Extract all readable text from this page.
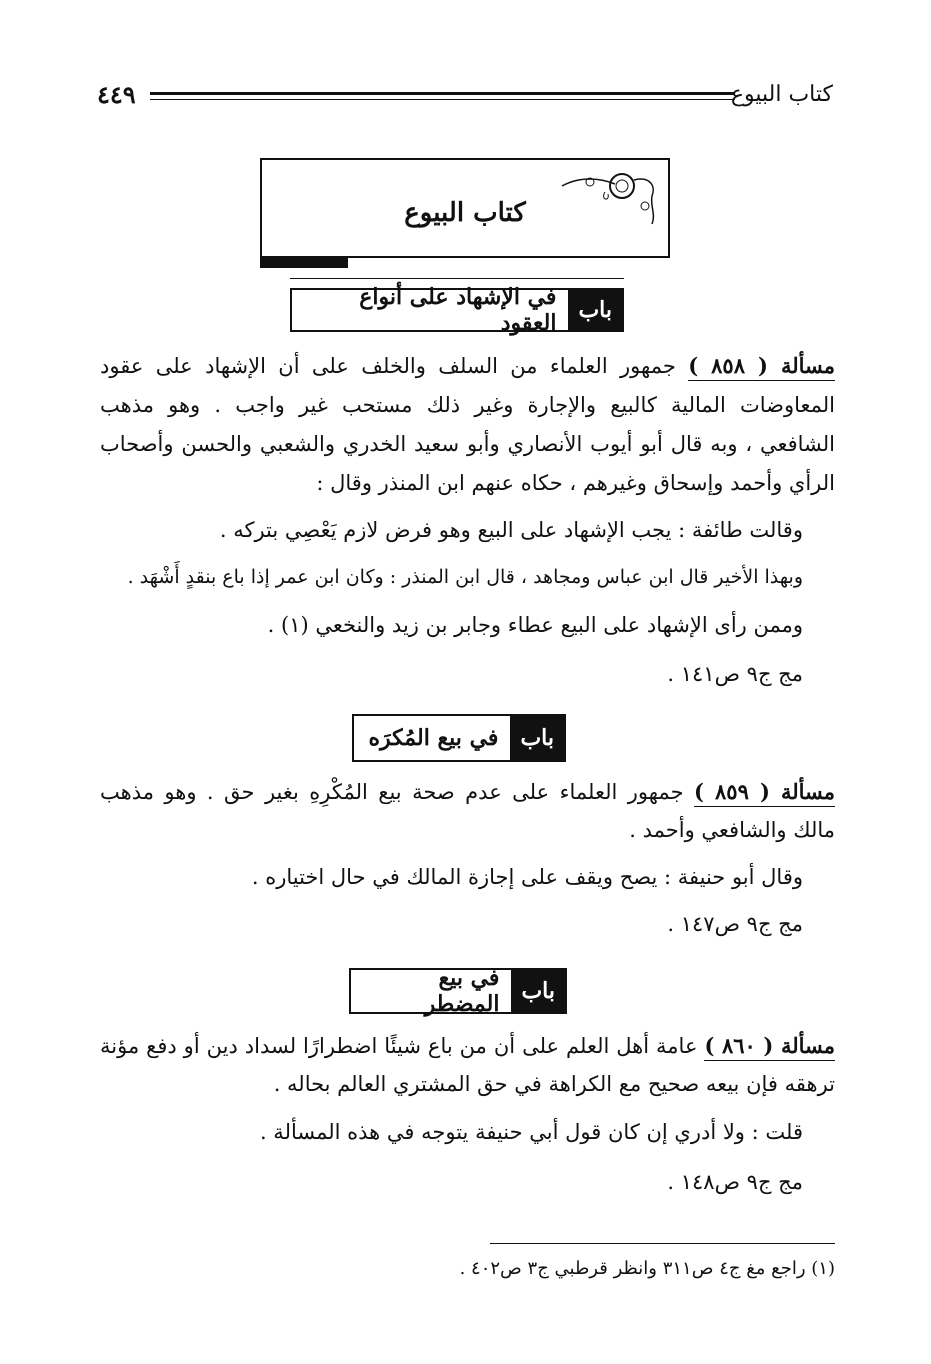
كتاب البيوع
٤٤٩
كتاب البيوع
باب
في الإشهاد على أنواع العقود
مسألة ( ٨٥٨ ) جمهور العلماء من السلف والخلف على أن الإشهاد على عقود
المعاوضات المالية كالبيع والإجارة وغير ذلك مستحب غير واجب . وهو مذهب
الشافعي ، وبه قال أبو أيوب الأنصاري وأبو سعيد الخدري والشعبي والحسن وأصحاب
الرأي وأحمد وإسحاق وغيرهم ، حكاه عنهم ابن المنذر وقال :
وقالت طائفة : يجب الإشهاد على البيع وهو فرض لازم يَعْصِي بتركه .
وبهذا الأخير قال ابن عباس ومجاهد ، قال ابن المنذر : وكان ابن عمر إذا باع بنقدٍ أَشْهَد .
وممن رأى الإشهاد على البيع عطاء وجابر بن زيد والنخعي (١) .
مج ج٩ ص١٤١ .
باب
في بيع المُكرَه
مسألة ( ٨٥٩ ) جمهور العلماء على عدم صحة بيع المُكْرِهِ بغير حق . وهو مذهب
مالك والشافعي وأحمد .
وقال أبو حنيفة : يصح ويقف على إجازة المالك في حال اختياره .
مج ج٩ ص١٤٧ .
باب
في بيع المضطر
مسألة ( ٨٦٠ ) عامة أهل العلم على أن من باع شيئًا اضطرارًا لسداد دين أو دفع مؤنة
ترهقه فإن بيعه صحيح مع الكراهة في حق المشتري العالم بحاله .
قلت : ولا أدري إن كان قول أبي حنيفة يتوجه في هذه المسألة .
مج ج٩ ص١٤٨ .
(١) راجع مغ ج٤ ص٣١١ وانظر قرطبي ج٣ ص٤٠٢ .
